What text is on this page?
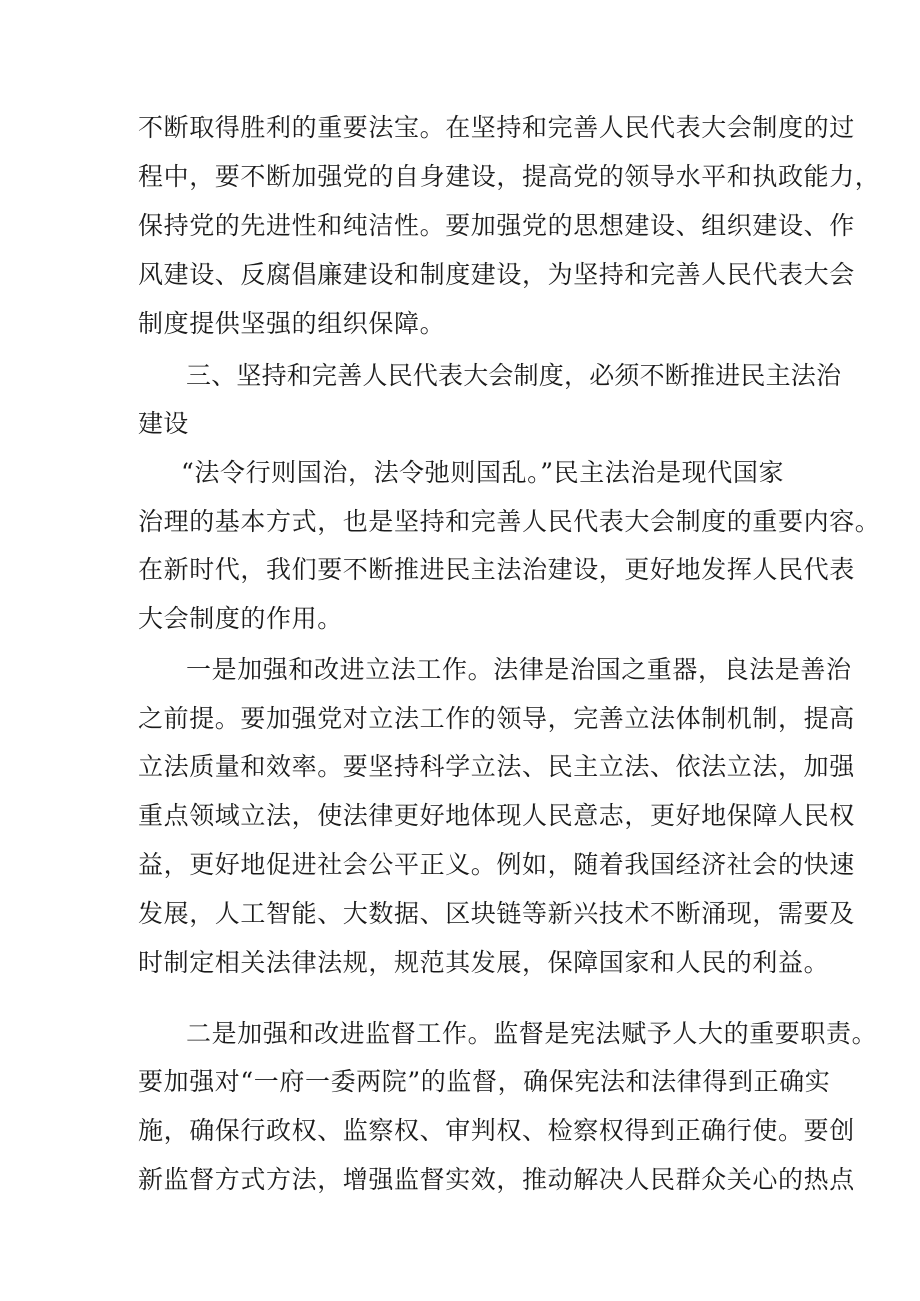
不断取得胜利的重要法宝。在坚持和完善人民代表大会制度的过

程中，要不断加强党的自身建设，提高党的领导水平和执政能力，

保持党的先进性和纯洁性。要加强党的思想建设、组织建设、作

风建设、反腐倡廉建设和制度建设，为坚持和完善人民代表大会

制度提供坚强的组织保障。

三、坚持和完善人民代表大会制度，必须不断推进民主法治

建设

“法令行则国治，法令弛则国乱。”民主法治是现代国家

治理的基本方式，也是坚持和完善人民代表大会制度的重要内容。

在新时代，我们要不断推进民主法治建设，更好地发挥人民代表

大会制度的作用。

一是加强和改进立法工作。法律是治国之重器，良法是善治

之前提。要加强党对立法工作的领导，完善立法体制机制，提高

立法质量和效率。要坚持科学立法、民主立法、依法立法，加强

重点领域立法，使法律更好地体现人民意志，更好地保障人民权

益，更好地促进社会公平正义。例如，随着我国经济社会的快速

发展，人工智能、大数据、区块链等新兴技术不断涌现，需要及

时制定相关法律法规，规范其发展，保障国家和人民的利益。

二是加强和改进监督工作。监督是宪法赋予人大的重要职责。

要加强对“一府一委两院”的监督，确保宪法和法律得到正确实

施，确保行政权、监察权、审判权、检察权得到正确行使。要创

新监督方式方法，增强监督实效，推动解决人民群众关心的热点
